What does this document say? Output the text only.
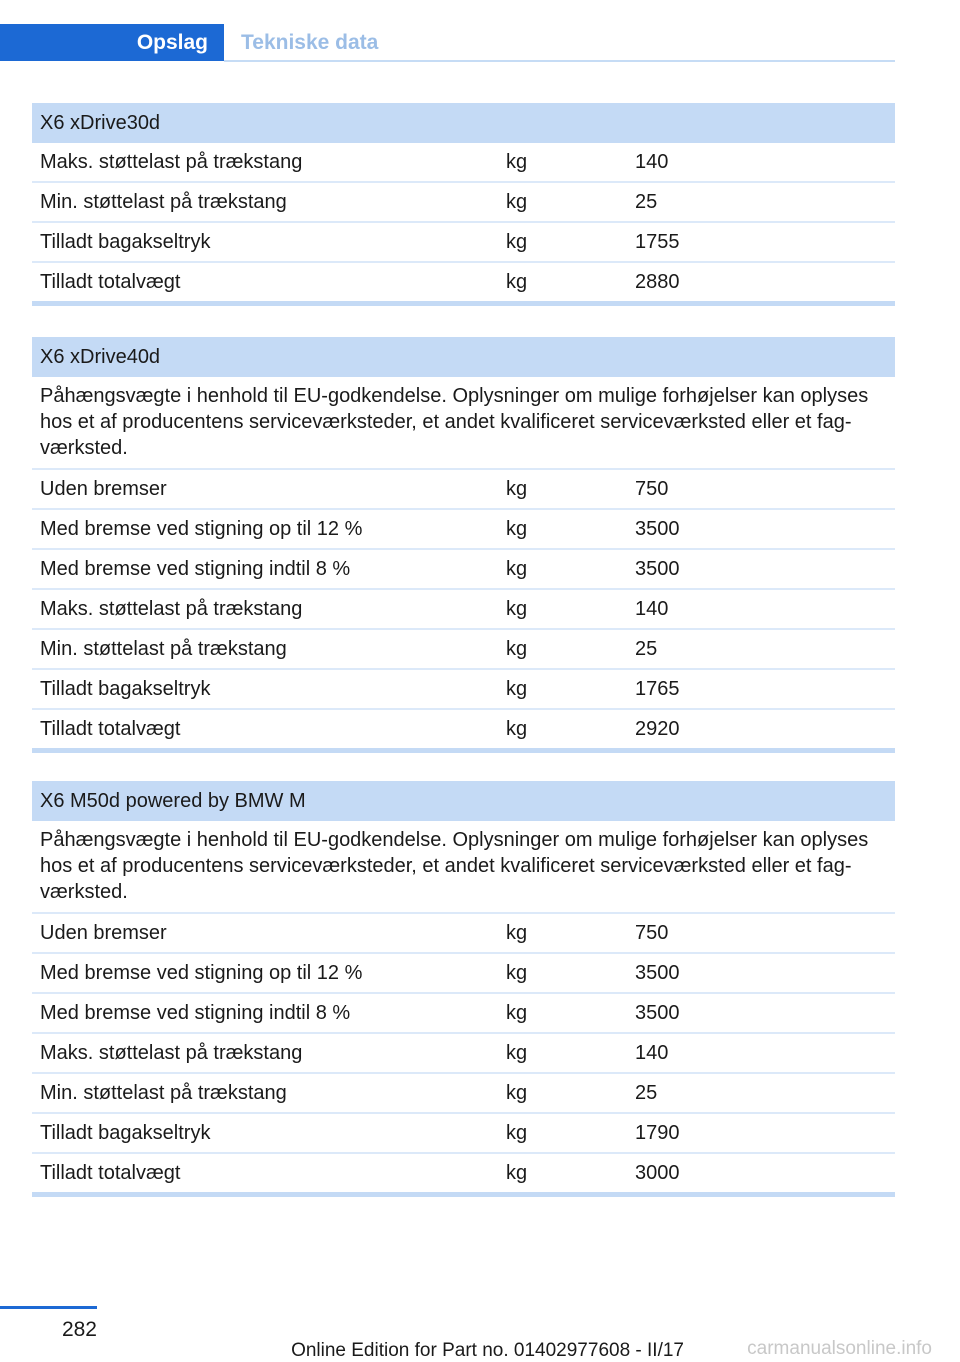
Opslag	Tekniske data
X6 xDrive30d
Maks. støttelast på trækstang	kg	140
Min. støttelast på trækstang	kg	25
Tilladt bagakseltryk	kg	1755
Tilladt totalvægt	kg	2880
X6 xDrive40d
Påhængsvægte i henhold til EU-godkendelse. Oplysninger om mulige forhøjelser kan oplyses
hos et af producentens serviceværksteder, et andet kvalificeret serviceværksted eller et fag-
værksted.
Uden bremser	kg	750
Med bremse ved stigning op til 12 %	kg	3500
Med bremse ved stigning indtil 8 %	kg	3500
Maks. støttelast på trækstang	kg	140
Min. støttelast på trækstang	kg	25
Tilladt bagakseltryk	kg	1765
Tilladt totalvægt	kg	2920
X6 M50d powered by BMW M
Påhængsvægte i henhold til EU-godkendelse. Oplysninger om mulige forhøjelser kan oplyses
hos et af producentens serviceværksteder, et andet kvalificeret serviceværksted eller et fag-
værksted.
Uden bremser	kg	750
Med bremse ved stigning op til 12 %	kg	3500
Med bremse ved stigning indtil 8 %	kg	3500
Maks. støttelast på trækstang	kg	140
Min. støttelast på trækstang	kg	25
Tilladt bagakseltryk	kg	1790
Tilladt totalvægt	kg	3000
282
Online Edition for Part no. 01402977608 - II/17	carmanualsonline.info
